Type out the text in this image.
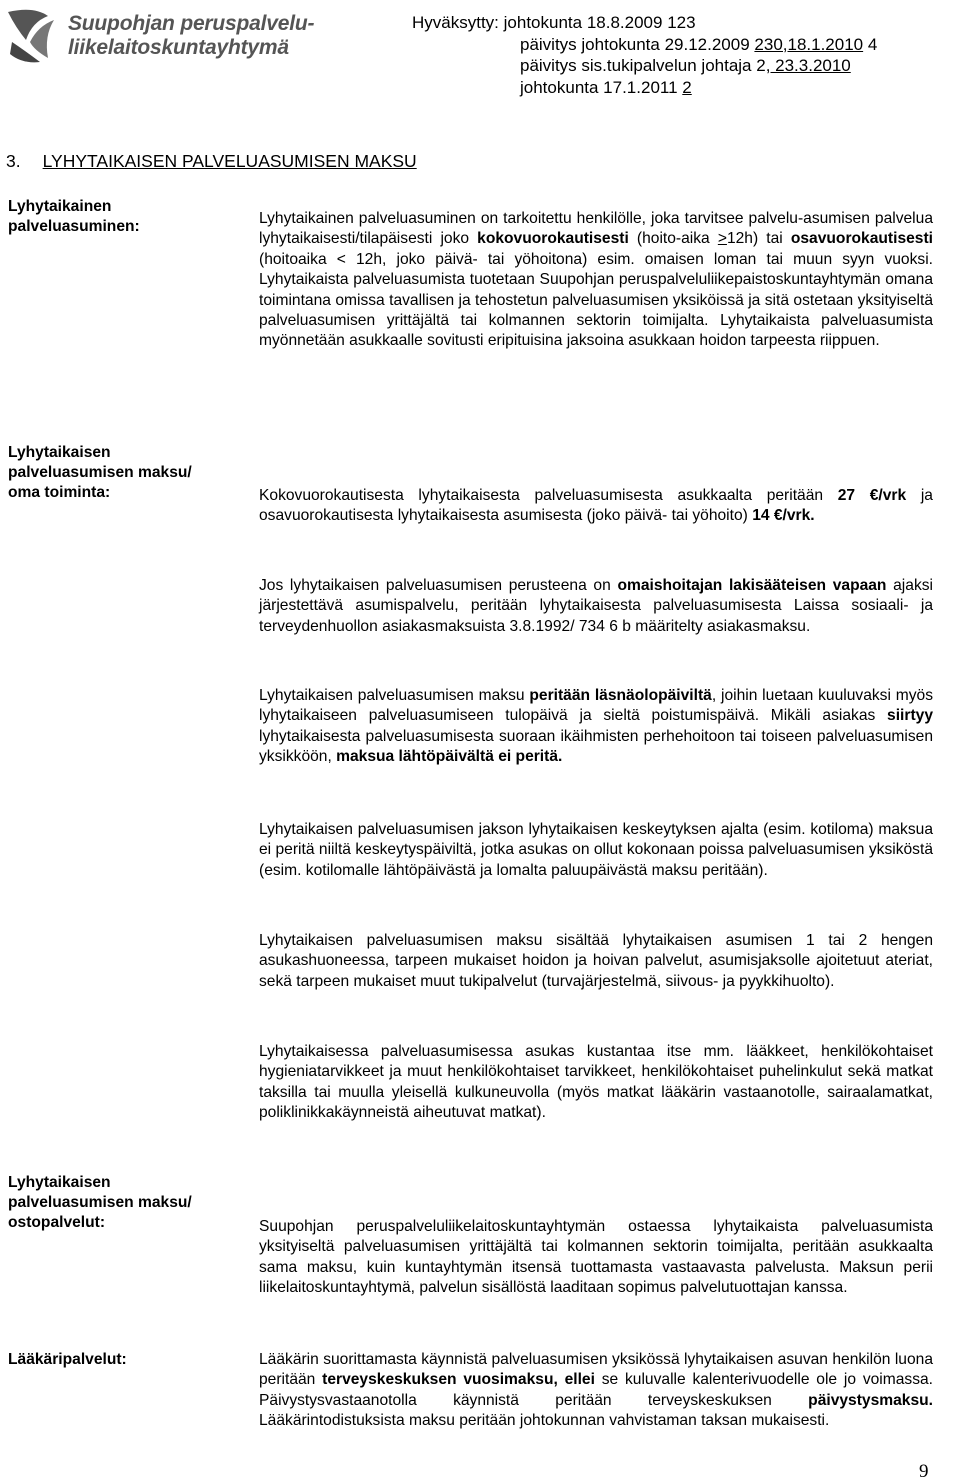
Suupohjan peruspalvelu-
liikelaitoskuntayhtymä
Hyväksytty: johtokunta 18.8.2009 123
päivitys johtokunta 29.12.2009 230,18.1.2010 4
päivitys sis.tukipalvelun johtaja 2, 23.3.2010
johtokunta 17.1.2011 2
3. LYHYTAIKAISEN PALVELUASUMISEN MAKSU
Lyhytaikainen
palveluasuminen:	Lyhytaikainen palveluasuminen on tarkoitettu henkilölle, joka tarvitsee palvelu-asumisen palvelua lyhytaikaisesti/tilapäisesti joko kokovuorokautisesti (hoito-aika >12h) tai osavuorokautisesti (hoitoaika < 12h, joko päivä- tai yöhoitona) esim. omaisen loman tai muun syyn vuoksi. Lyhytaikaista palveluasumista tuotetaan Suupohjan peruspalveluliikepaistoskuntayhtymän omana toimintana omissa tavallisen ja tehostetun palveluasumisen yksiköissä ja sitä ostetaan yksityiseltä palveluasumisen yrittäjältä tai kolmannen sektorin toimijalta. Lyhytaikaista palveluasumista myönnetään asukkaalle sovitusti eripituisina jaksoina asukkaan hoidon tarpeesta riippuen.
Lyhytaikaisen
palveluasumisen maksu/
oma toiminta:	Kokovuorokautisesta lyhytaikaisesta palveluasumisesta asukkaalta peritään 27 €/vrk ja osavuorokautisesta lyhytaikaisesta asumisesta (joko päivä- tai yöhoito) 14 €/vrk.
Jos lyhytaikaisen palveluasumisen perusteena on omaishoitajan lakisääteisen vapaan ajaksi järjestettävä asumispalvelu, peritään lyhytaikaisesta palveluasumisesta Laissa sosiaali- ja terveydenhuollon asiakasmaksuista 3.8.1992/ 734 6 b määritelty asiakasmaksu.
Lyhytaikaisen palveluasumisen maksu peritään läsnäolopäiviltä, joihin luetaan kuuluvaksi myös lyhytaikaiseen palveluasumiseen tulopäivä ja sieltä poistumispäivä. Mikäli asiakas siirtyy lyhytaikaisesta palveluasumisesta suoraan ikäihmisten perhehoitoon tai toiseen palveluasumisen yksikköön, maksua lähtöpäivältä ei peritä.
Lyhytaikaisen palveluasumisen jakson lyhytaikaisen keskeytyksen ajalta (esim. kotiloma) maksua ei peritä niiltä keskeytyspäiviltä, jotka asukas on ollut kokonaan poissa palveluasumisen yksiköstä (esim. kotilomalle lähtöpäivästä ja lomalta paluupäivästä maksu peritään).
Lyhytaikaisen palveluasumisen maksu sisältää lyhytaikaisen asumisen 1 tai 2 hengen asukashuoneessa, tarpeen mukaiset hoidon ja hoivan palvelut, asumisjaksolle ajoitetuut ateriat, sekä tarpeen mukaiset muut tukipalvelut (turvajärjestelmä, siivous- ja pyykkihuolto).
Lyhytaikaisessa palveluasumisessa asukas kustantaa itse mm. lääkkeet, henkilökohtaiset hygieniatarvikkeet ja muut henkilökohtaiset tarvikkeet, henkilökohtaiset puhelinkulut sekä matkat taksilla tai muulla yleisellä kulkuneuvolla (myös matkat lääkärin vastaanotolle, sairaalamatkat, poliklinikkakäynneistä aiheutuvat matkat).
Lyhytaikaisen
palveluasumisen maksu/
ostopalvelut:	Suupohjan peruspalveluliikelaitoskuntayhtymän ostaessa lyhytaikaista palveluasumista yksityiseltä palveluasumisen yrittäjältä tai kolmannen sektorin toimijalta, peritään asukkaalta sama maksu, kuin kuntayhtymän itsensä tuottamasta vastaavasta palvelusta. Maksun perii liikelaitoskuntayhtymä, palvelun sisällöstä laaditaan sopimus palvelutuottajan kanssa.
Lääkäripalvelut:	Lääkärin suorittamasta käynnistä palveluasumisen yksikössä lyhytaikaisen asuvan henkilön luona peritään terveyskeskuksen vuosimaksu, ellei se kuluvalle kalenterivuodelle ole jo voimassa. Päivystysvastaanotolla käynnistä peritään terveyskeskuksen päivystysmaksu. Lääkärintodistuksista maksu peritään johtokunnan vahvistaman taksan mukaisesti.
9
